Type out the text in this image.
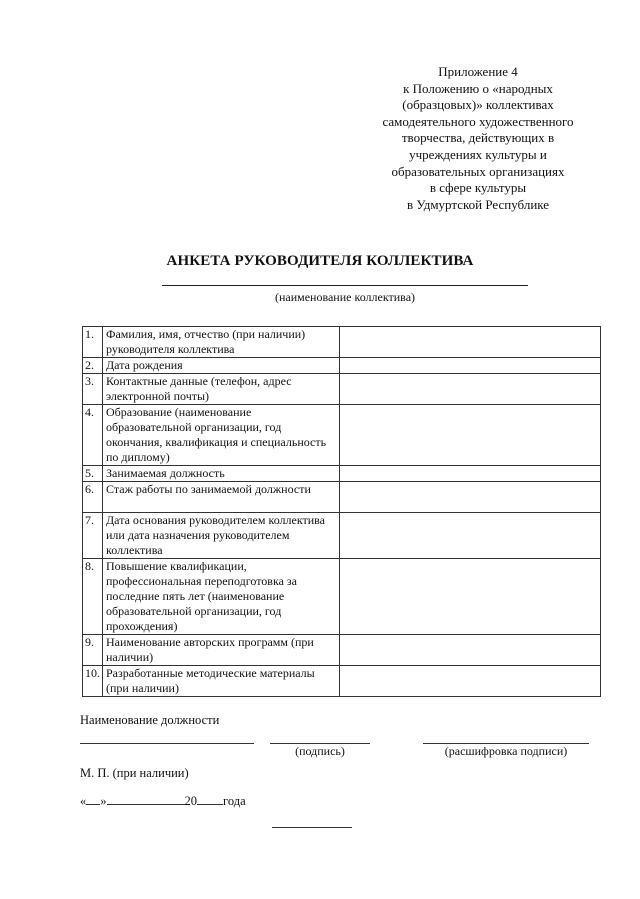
Приложение 4
к Положению о «народных
(образцовых)» коллективах
самодеятельного художественного
творчества, действующих в
учреждениях культуры и
образовательных организациях
в сфере культуры
в Удмуртской Республике
АНКЕТА РУКОВОДИТЕЛЯ КОЛЛЕКТИВА
(наименование коллектива)
1.	Фамилия, имя, отчество (при наличии) руководителя коллектива	
2.	Дата рождения	
3.	Контактные данные (телефон, адрес электронной почты)	
4.	Образование (наименование образовательной организации, год окончания, квалификация и специальность по диплому)	
5.	Занимаемая должность	
6.	Стаж работы по занимаемой должности	
7.	Дата основания руководителем коллектива или дата назначения руководителем коллектива	
8.	Повышение квалификации, профессиональная переподготовка за последние пять лет (наименование образовательной организации, год прохождения)	
9.	Наименование авторских программ (при наличии)	
10.	Разработанные методические материалы (при наличии)	
Наименование должности
(подпись)	(расшифровка подписи)
М. П. (при наличии)
« »	20 года
